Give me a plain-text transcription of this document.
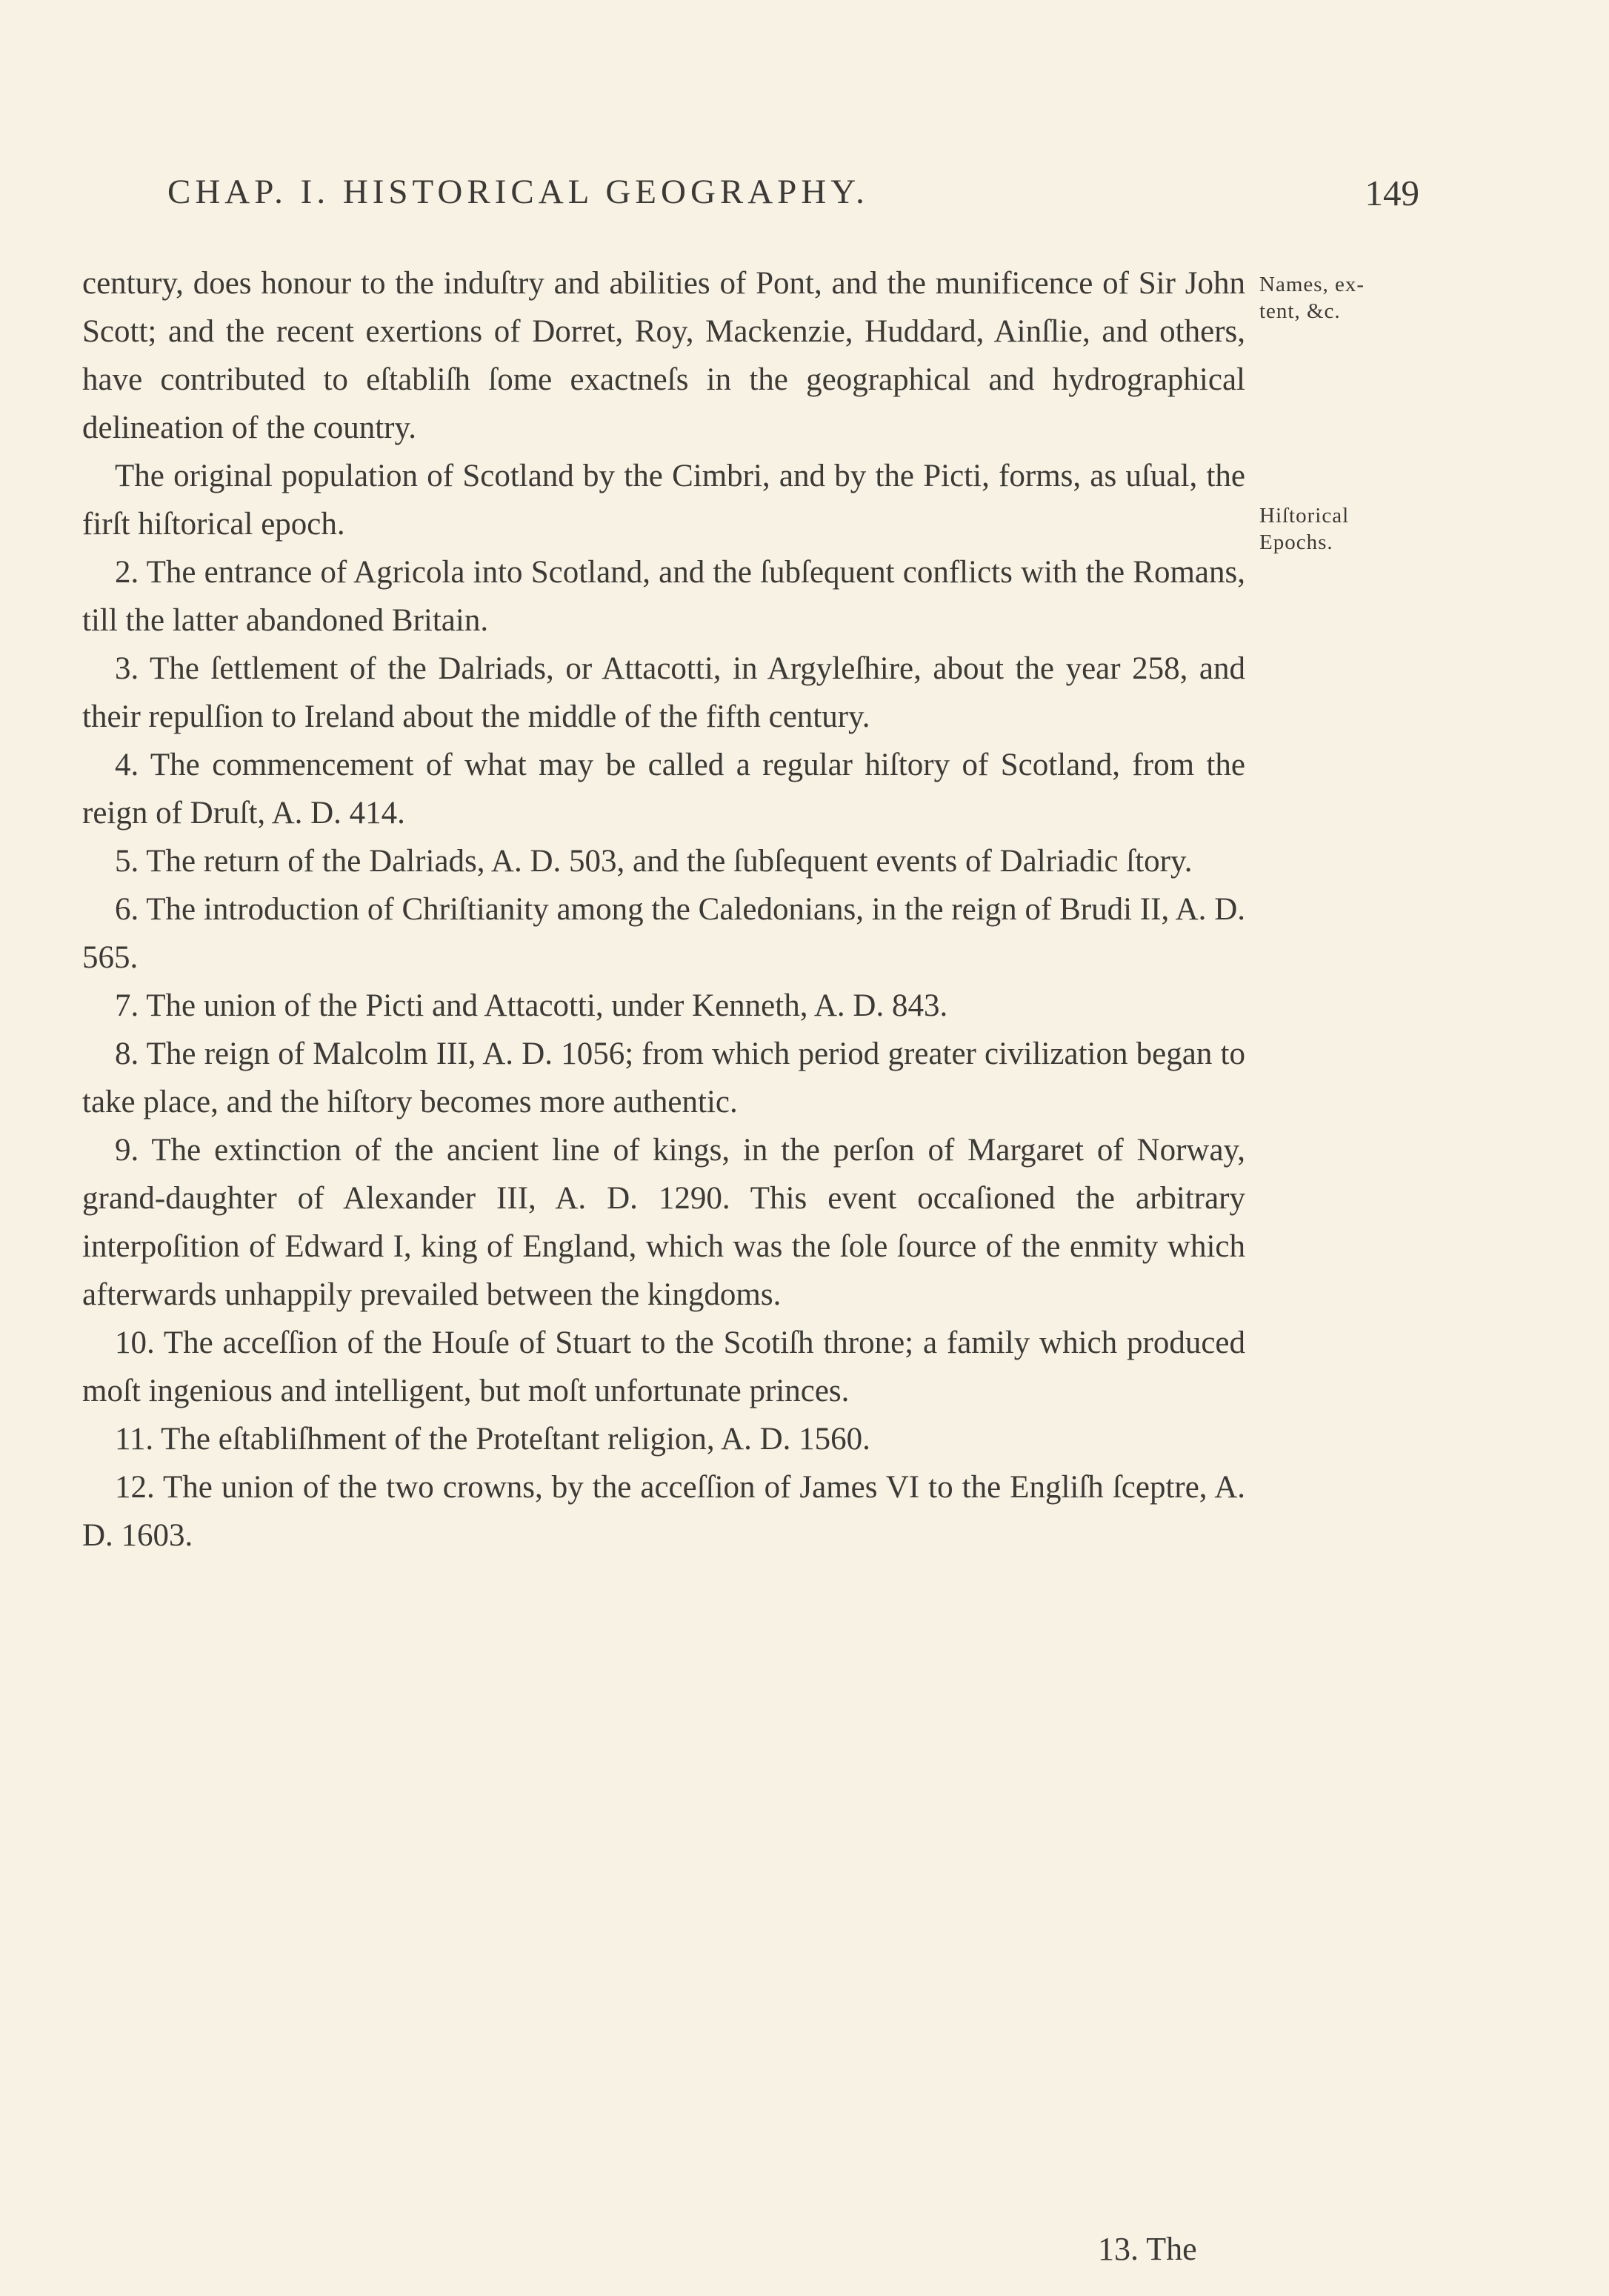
CHAP. I. HISTORICAL GEOGRAPHY.	149
Names, ex-
tent, &c.
Hiſtorical
Epochs.

century, does honour to the induſtry and abilities of Pont, and the munificence of Sir John Scott; and the recent exertions of Dorret, Roy, Mackenzie, Huddard, Ainſlie, and others, have contributed to eſtabliſh ſome exactneſs in the geographical and hydrographical delineation of the country.

The original population of Scotland by the Cimbri, and by the Picti, forms, as uſual, the firſt hiſtorical epoch.

2. The entrance of Agricola into Scotland, and the ſubſequent conflicts with the Romans, till the latter abandoned Britain.

3. The ſettlement of the Dalriads, or Attacotti, in Argyleſhire, about the year 258, and their repulſion to Ireland about the middle of the fifth century.

4. The commencement of what may be called a regular hiſtory of Scotland, from the reign of Druſt, A. D. 414.

5. The return of the Dalriads, A. D. 503, and the ſubſequent events of Dalriadic ſtory.

6. The introduction of Chriſtianity among the Caledonians, in the reign of Brudi II, A. D. 565.

7. The union of the Picti and Attacotti, under Kenneth, A. D. 843.

8. The reign of Malcolm III, A. D. 1056; from which period greater civilization began to take place, and the hiſtory becomes more authentic.

9. The extinction of the ancient line of kings, in the perſon of Margaret of Norway, grand-daughter of Alexander III, A. D. 1290. This event occaſioned the arbitrary interpoſition of Edward I, king of England, which was the ſole ſource of the enmity which afterwards unhappily prevailed between the kingdoms.

10. The acceſſion of the Houſe of Stuart to the Scotiſh throne; a family which produced moſt ingenious and intelligent, but moſt unfortunate princes.

11. The eſtabliſhment of the Proteſtant religion, A. D. 1560.

12. The union of the two crowns, by the acceſſion of James VI to the Engliſh ſceptre, A. D. 1603.

13. The
